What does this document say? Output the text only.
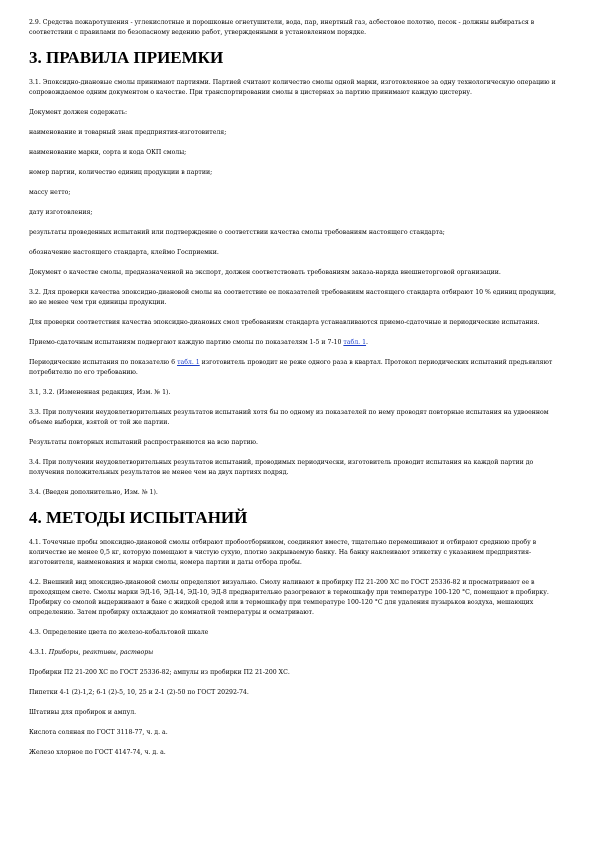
2.9. Средства пожаротушения - углекислотные и порошковые огнетушители, вода, пар, инертный газ, асбестовое полотно, песок - должны выбираться в соответствии с правилами по безопасному ведению работ, утвержденными в установленном порядке.

3. ПРАВИЛА ПРИЕМКИ

3.1. Эпоксидно-диановые смолы принимают партиями. Партией считают количество смолы одной марки, изготовленное за одну технологическую операцию и сопровождаемое одним документом о качестве. При транспортировании смолы в цистернах за партию принимают каждую цистерну.

Документ должен содержать:

наименование и товарный знак предприятия-изготовителя;

наименование марки, сорта и кода ОКП смолы;

номер партии, количество единиц продукции в партии;

массу нетто;

дату изготовления;

результаты проведенных испытаний или подтверждение о соответствии качества смолы требованиям настоящего стандарта;

обозначение настоящего стандарта, клеймо Госприемки.

Документ о качестве смолы, предназначенной на экспорт, должен соответствовать требованиям заказа-наряда внешнеторговой организации.

3.2. Для проверки качества эпоксидно-диановой смолы на соответствие ее показателей требованиям настоящего стандарта отбирают 10 % единиц продукции, но не менее чем три единицы продукции.

Для проверки соответствия качества эпоксидно-диановых смол требованиям стандарта устанавливаются приемо-сдаточные и периодические испытания.

Приемо-сдаточным испытаниям подвергают каждую партию смолы по показателям 1-5 и 7-10 табл. 1.

Периодические испытания по показателю 6 табл. 1 изготовитель проводит не реже одного раза в квартал. Протокол периодических испытаний предъявляют потребителю по его требованию.

3.1, 3.2. (Измененная редакция, Изм. № 1).

3.3. При получении неудовлетворительных результатов испытаний хотя бы по одному из показателей по нему проводят повторные испытания на удвоенном объеме выборки, взятой от той же партии.

Результаты повторных испытаний распространяются на всю партию.

3.4. При получении неудовлетворительных результатов испытаний, проводимых периодически, изготовитель проводит испытания на каждой партии до получения положительных результатов не менее чем на двух партиях подряд.

3.4. (Введен дополнительно, Изм. № 1).

4. МЕТОДЫ ИСПЫТАНИЙ

4.1. Точечные пробы эпоксидно-диановой смолы отбирают пробоотборником, соединяют вместе, тщательно перемешивают и отбирают среднюю пробу в количестве не менее 0,5 кг, которую помещают в чистую сухую, плотно закрываемую банку. На банку наклеивают этикетку с указанием предприятия-изготовителя, наименования и марки смолы, номера партии и даты отбора пробы.

4.2. Внешний вид эпоксидно-диановой смолы определяют визуально. Смолу наливают в пробирку П2 21-200 ХС по ГОСТ 25336-82 и просматривают ее в проходящем свете. Смолы марки ЭД-16, ЭД-14, ЭД-10, ЭД-8 предварительно разогревают в термошкафу при температуре 100-120 °С, помещают в пробирку. Пробирку со смолой выдерживают в бане с жидкой средой или в термошкафу при температуре 100-120 °С для удаления пузырьков воздуха, мешающих определению. Затем пробирку охлаждают до комнатной температуры и осматривают.

4.3. Определение цвета по железо-кобальтовой шкале

4.3.1. Приборы, реактивы, растворы

Пробирки П2 21-200 ХС по ГОСТ 25336-82; ампулы из пробирки П2 21-200 ХС.

Пипетки 4-1 (2)-1,2; 6-1 (2)-5, 10, 25 и 2-1 (2)-50 по ГОСТ 20292-74.

Штативы для пробирок и ампул.

Кислота соляная по ГОСТ 3118-77, ч. д. а.

Железо хлорное по ГОСТ 4147-74, ч. д. а.
